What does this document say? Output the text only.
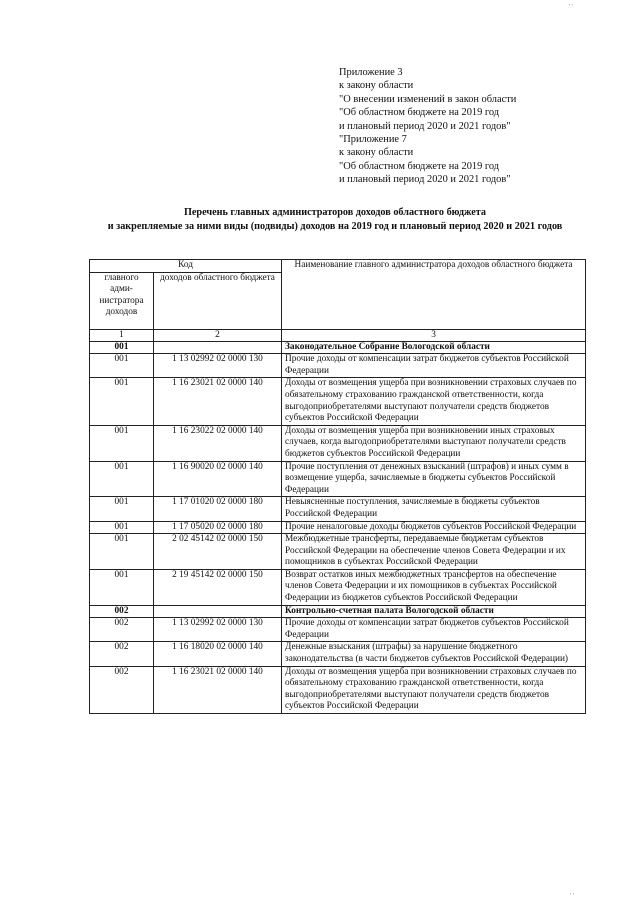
Приложение 3
к закону области
"О внесении изменений в закон области
"Об областном бюджете на 2019 год
и плановый период 2020 и 2021 годов"
"Приложение 7
к закону области
"Об областном бюджете на 2019 год
и плановый период 2020 и 2021 годов"
Перечень главных администраторов доходов областного бюджета
и закрепляемые за ними виды (подвиды) доходов на 2019 год и плановый период 2020 и 2021 годов
Код		Наименование главного администратора доходов областного бюджета
главного адми-нистратора доходов	доходов областного бюджета	
1	2	3
001		Законодательное Собрание Вологодской области
001	1 13 02992 02 0000 130	Прочие доходы от компенсации затрат бюджетов субъектов Российской Федерации
001	1 16 23021 02 0000 140	Доходы от возмещения ущерба при возникновении страховых случаев по обязательному страхованию гражданской ответственности, когда выгодоприобретателями выступают получатели средств бюджетов субъектов Российской Федерации
001	1 16 23022 02 0000 140	Доходы от возмещения ущерба при возникновении иных страховых случаев, когда выгодоприобретателями выступают получатели средств бюджетов субъектов Российской Федерации
001	1 16 90020 02 0000 140	Прочие поступления от денежных взысканий (штрафов) и иных сумм в возмещение ущерба, зачисляемые в бюджеты субъектов Российской Федерации
001	1 17 01020 02 0000 180	Невыясненные поступления, зачисляемые в бюджеты субъектов Российской Федерации
001	1 17 05020 02 0000 180	Прочие неналоговые доходы бюджетов субъектов Российской Федерации
001	2 02 45142 02 0000 150	Межбюджетные трансферты, передаваемые бюджетам субъектов Российской Федерации на обеспечение членов Совета Федерации и их помощников в субъектах Российской Федерации
001	2 19 45142 02 0000 150	Возврат остатков иных межбюджетных трансфертов на обеспечение членов Совета Федерации и их помощников в субъектах Российской Федерации из бюджетов субъектов Российской Федерации
002		Контрольно-счетная палата Вологодской области
002	1 13 02992 02 0000 130	Прочие доходы от компенсации затрат бюджетов субъектов Российской Федерации
002	1 16 18020 02 0000 140	Денежные взыскания (штрафы) за нарушение бюджетного законодательства (в части бюджетов субъектов Российской Федерации)
002	1 16 23021 02 0000 140	Доходы от возмещения ущерба при возникновении страховых случаев по обязательному страхованию гражданской ответственности, когда выгодоприобретателями выступают получатели средств бюджетов субъектов Российской Федерации
' '
' '
